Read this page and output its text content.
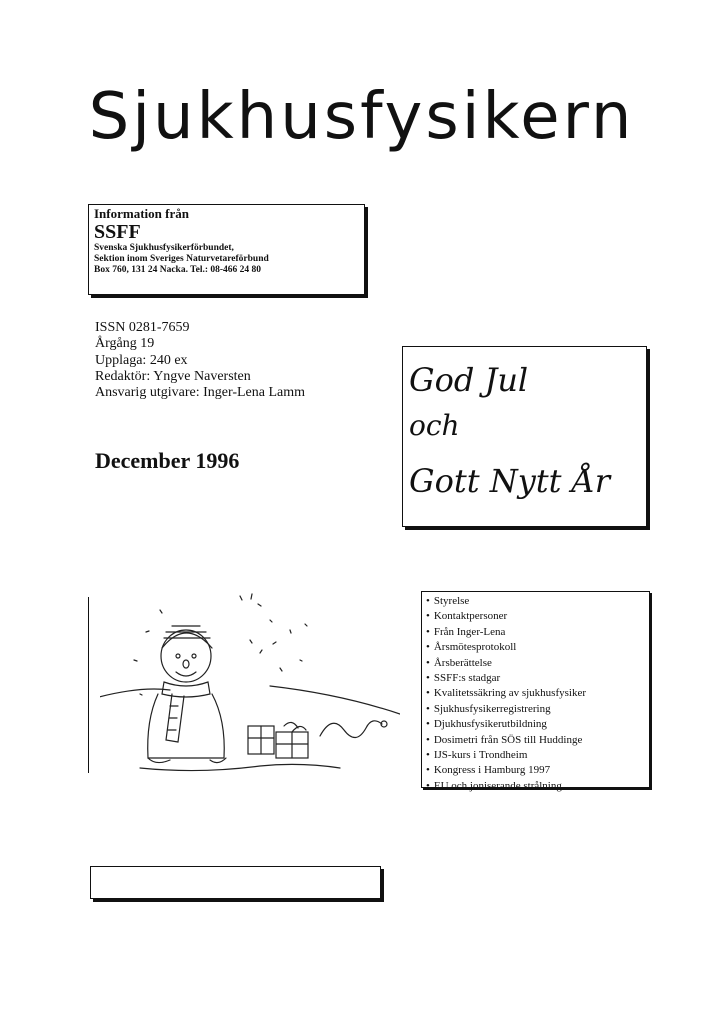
Sjukhusfysikern
Information från
SSFF
Svenska Sjukhusfysikerförbundet,
Sektion inom Sveriges Naturvetareförbund
Box 760, 131 24 Nacka. Tel.: 08-466 24 80
ISSN 0281-7659
Årgång 19
Upplaga: 240 ex
Redaktör: Yngve Naversten
Ansvarig utgivare: Inger-Lena Lamm
December 1996
God Jul
och
Gott Nytt År
• Styrelse
• Kontaktpersoner
• Från Inger-Lena
• Årsmötesprotokoll
• Årsberättelse
• SSFF:s stadgar
• Kvalitetssäkring av sjukhusfysiker
• Sjukhusfysikerregistrering
• Djukhusfysikerutbildning
• Dosimetri från SÖS till Huddinge
• IJS-kurs i Trondheim
• Kongress i Hamburg 1997
• EU och joniserande strålning
